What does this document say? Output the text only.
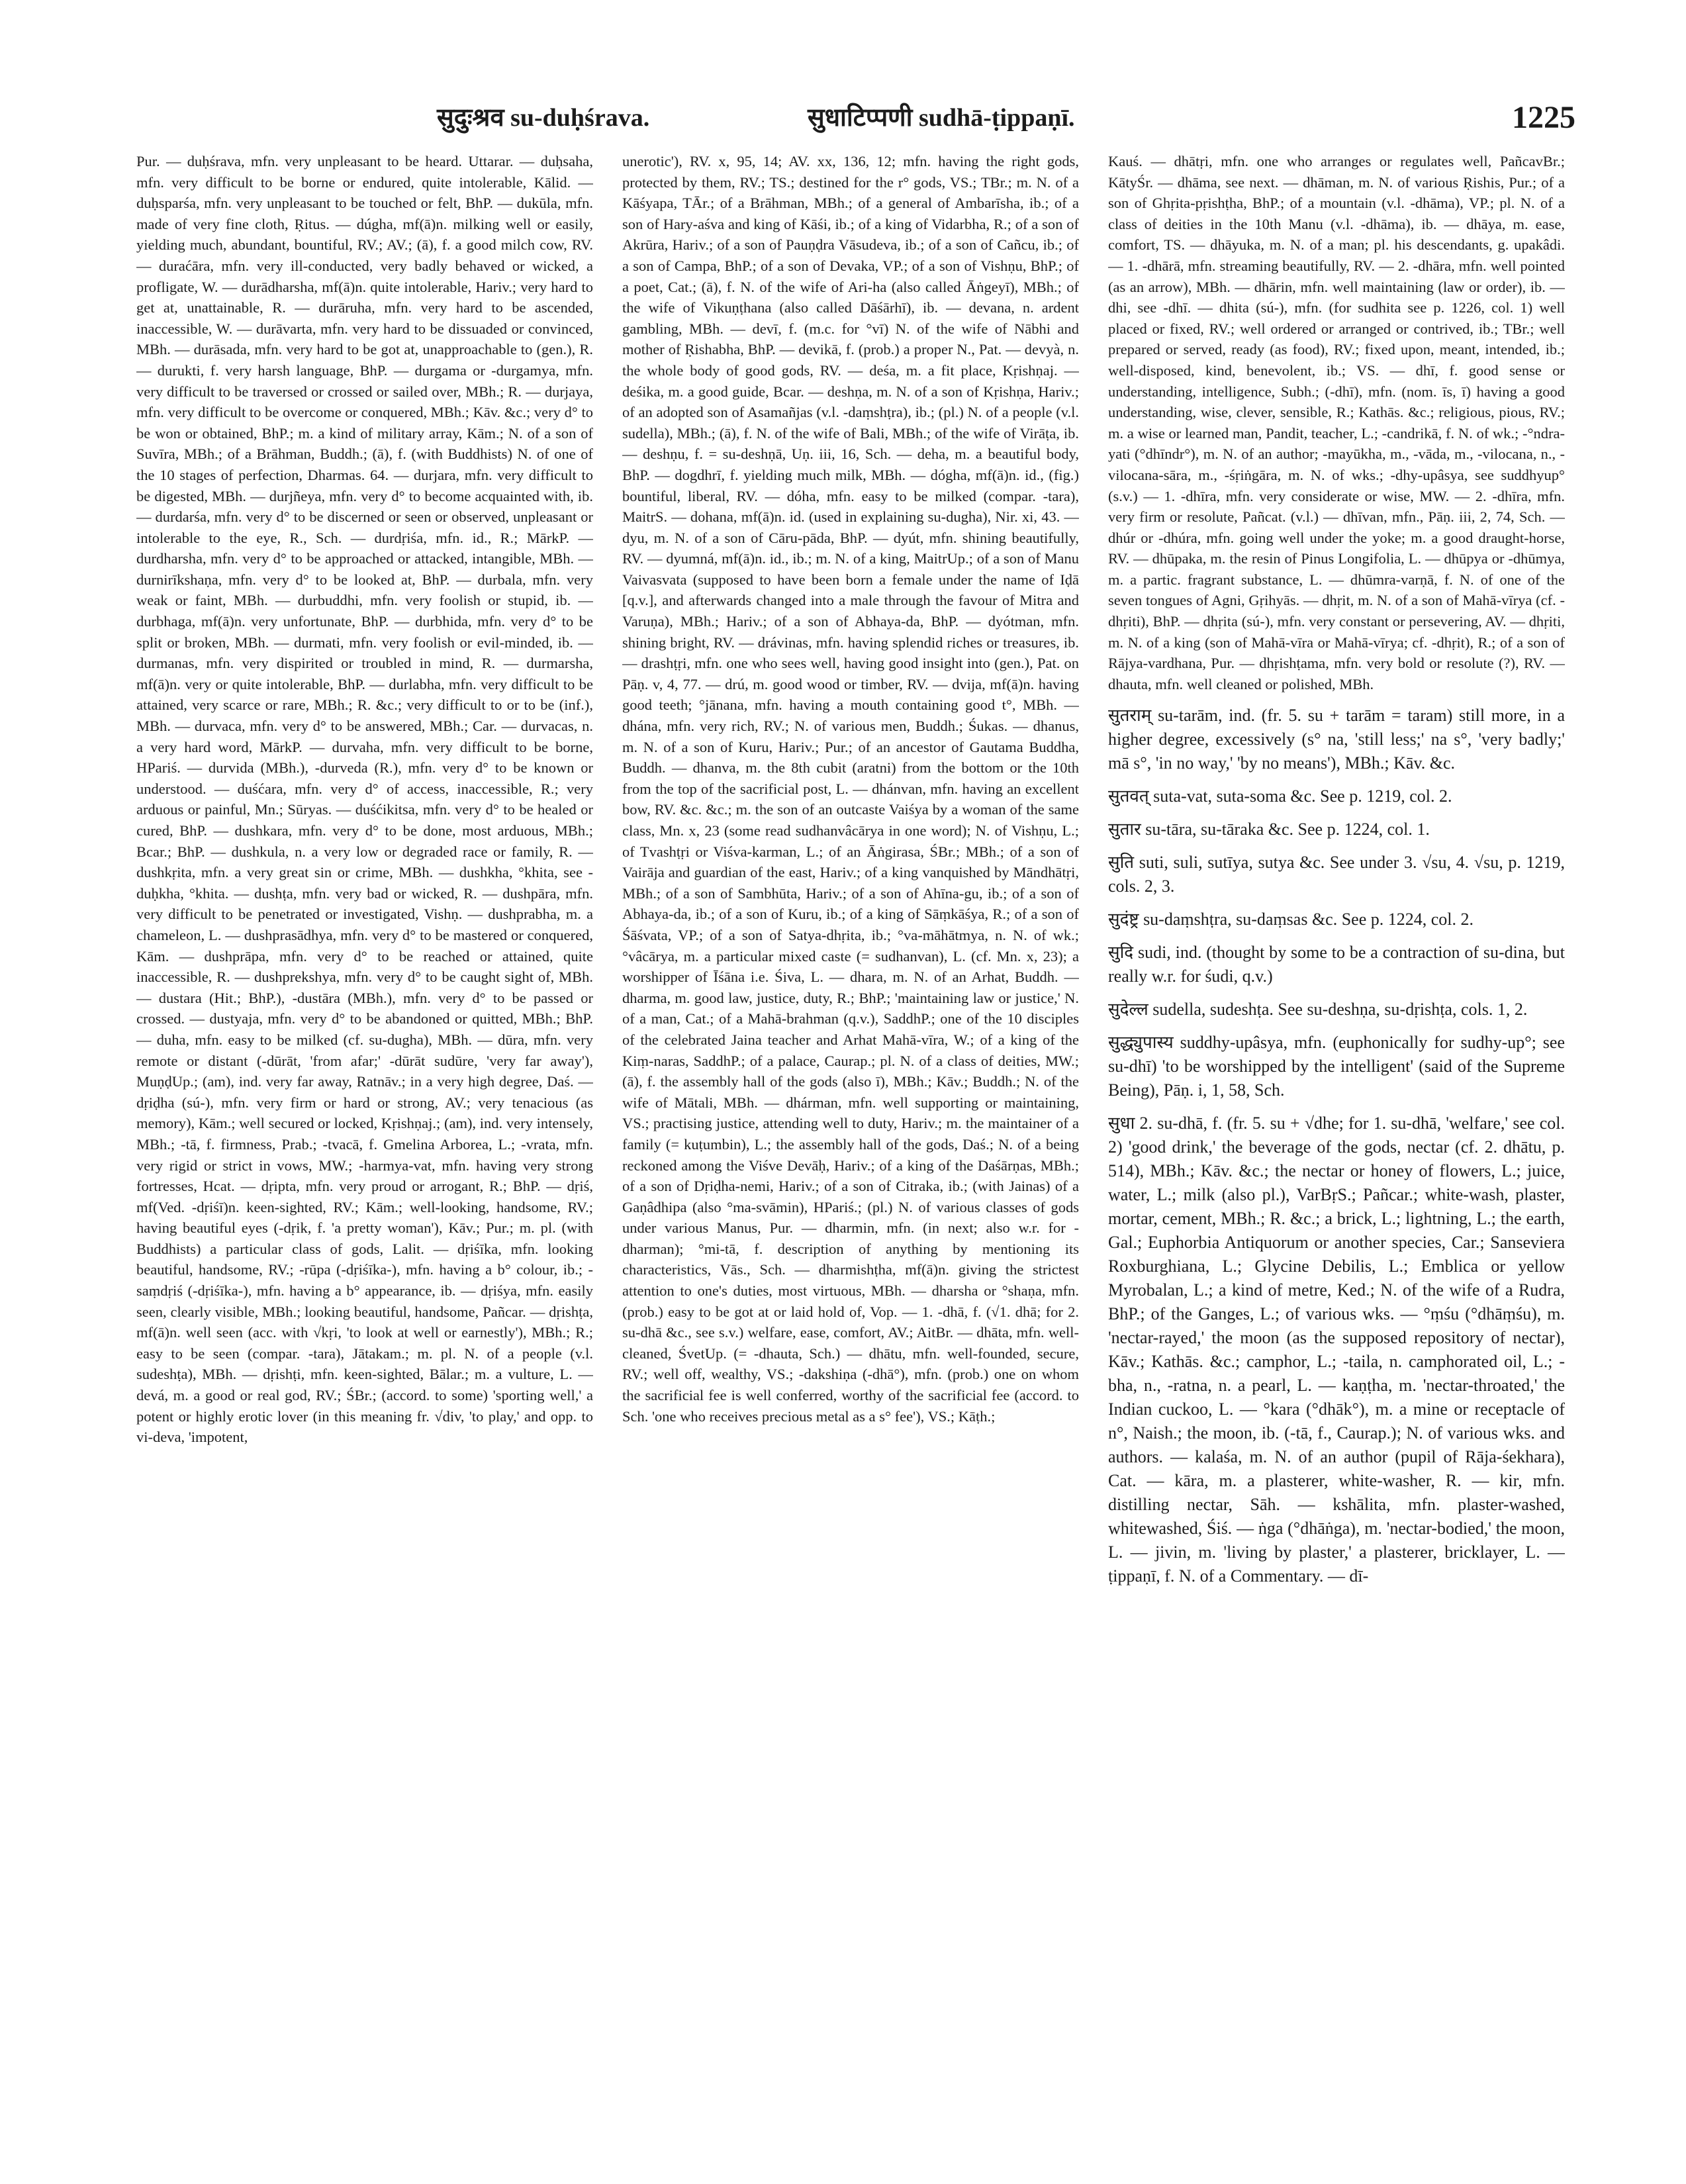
सुदुःश्रव su-duḥśrava.	सुधाटिप्पणी sudhā-ṭippaṇī.	1225

Pur. — duḥśrava, mfn. very unpleasant to be heard. Uttarar. — duḥsaha, mfn. very difficult to be borne or endured, quite intolerable, Kālid. — duḥsparśa, mfn. very unpleasant to be touched or felt, BhP. — dukūla, mfn. made of very fine cloth, Ṛitus. — dúgha, mf(ā)n. milking well or easily, yielding much, abundant, bountiful, RV.; AV.; (ā), f. a good milch cow, RV. — duraćāra, mfn. very ill-conducted, very badly behaved or wicked, a profligate, W. — durādharsha, mf(ā)n. quite intolerable, Hariv.; very hard to get at, unattainable, R. — durāruha, mfn. very hard to be ascended, inaccessible, W. — durāvarta, mfn. very hard to be dissuaded or convinced, MBh. — durāsada, mfn. very hard to be got at, unapproachable to (gen.), R. — durukti, f. very harsh language, BhP. — durgama or -durgamya, mfn. very difficult to be traversed or crossed or sailed over, MBh.; R. — durjaya, mfn. very difficult to be overcome or conquered, MBh.; Kāv. &c.; very d° to be won or obtained, BhP.; m. a kind of military array, Kām.; N. of a son of Suvīra, MBh.; of a Brāhman, Buddh.; (ā), f. (with Buddhists) N. of one of the 10 stages of perfection, Dharmas. 64. — durjara, mfn. very difficult to be digested, MBh. — durjñeya, mfn. very d° to become acquainted with, ib. — durdarśa, mfn. very d° to be discerned or seen or observed, unpleasant or intolerable to the eye, R., Sch. — durdṛiśa, mfn. id., R.; MārkP. — durdharsha, mfn. very d° to be approached or attacked, intangible, MBh. — durnirīkshaṇa, mfn. very d° to be looked at, BhP. — durbala, mfn. very weak or faint, MBh. — durbuddhi, mfn. very foolish or stupid, ib. — durbhaga, mf(ā)n. very unfortunate, BhP. — durbhida, mfn. very d° to be split or broken, MBh. — durmati, mfn. very foolish or evil-minded, ib. — durmanas, mfn. very dispirited or troubled in mind, R. — durmarsha, mf(ā)n. very or quite intolerable, BhP. — durlabha, mfn. very difficult to be attained, very scarce or rare, MBh.; R. &c.; very difficult to or to be (inf.), MBh. — durvaca, mfn. very d° to be answered, MBh.; Car. — durvacas, n. a very hard word, MārkP. — durvaha, mfn. very difficult to be borne, HPariś. — durvida (MBh.), -durveda (R.), mfn. very d° to be known or understood. — duśćara, mfn. very d° of access, inaccessible, R.; very arduous or painful, Mn.; Sūryas. — duśćikitsa, mfn. very d° to be healed or cured, BhP. — dushkara, mfn. very d° to be done, most arduous, MBh.; Bcar.; BhP. — dushkula, n. a very low or degraded race or family, R. — dushkṛita, mfn. a very great sin or crime, MBh. — dushkha, °khita, see -duḥkha, °khita. — dushṭa, mfn. very bad or wicked, R. — dushpāra, mfn. very difficult to be penetrated or investigated, Vishṇ. — dushprabha, m. a chameleon, L. — dushprasādhya, mfn. very d° to be mastered or conquered, Kām. — dushprāpa, mfn. very d° to be reached or attained, quite inaccessible, R. — dushprekshya, mfn. very d° to be caught sight of, MBh. — dustara (Hit.; BhP.), -dustāra (MBh.), mfn. very d° to be passed or crossed. — dustyaja, mfn. very d° to be abandoned or quitted, MBh.; BhP. — duha, mfn. easy to be milked (cf. su-dugha), MBh. — dūra, mfn. very remote or distant (-dūrāt, 'from afar;' -dūrāt sudūre, 'very far away'), MuṇḍUp.; (am), ind. very far away, Ratnāv.; in a very high degree, Daś. — dṛiḍha (sú-), mfn. very firm or hard or strong, AV.; very tenacious (as memory), Kām.; well secured or locked, Kṛishṇaj.; (am), ind. very intensely, MBh.; -tā, f. firmness, Prab.; -tvacā, f. Gmelina Arborea, L.; -vrata, mfn. very rigid or strict in vows, MW.; -harmya-vat, mfn. having very strong fortresses, Hcat. — dṛipta, mfn. very proud or arrogant, R.; BhP. — dṛiś, mf(Ved. -dṛiśī)n. keen-sighted, RV.; Kām.; well-looking, handsome, RV.; having beautiful eyes (-dṛik, f. 'a pretty woman'), Kāv.; Pur.; m. pl. (with Buddhists) a particular class of gods, Lalit. — dṛiśīka, mfn. looking beautiful, handsome, RV.; -rūpa (-dṛiśīka-), mfn. having a b° colour, ib.; -saṃdṛiś (-dṛiśīka-), mfn. having a b° appearance, ib. — dṛiśya, mfn. easily seen, clearly visible, MBh.; looking beautiful, handsome, Pañcar. — dṛishṭa, mf(ā)n. well seen (acc. with √kṛi, 'to look at well or earnestly'), MBh.; R.; easy to be seen (compar. -tara), Jātakam.; m. pl. N. of a people (v.l. sudeshṭa), MBh. — dṛishṭi, mfn. keen-sighted, Bālar.; m. a vulture, L. — devá, m. a good or real god, RV.; ŚBr.; (accord. to some) 'sporting well,' a potent or highly erotic lover (in this meaning fr. √div, 'to play,' and opp. to vi-deva, 'impotent,

unerotic'), RV. x, 95, 14; AV. xx, 136, 12; mfn. having the right gods, protected by them, RV.; TS.; destined for the r° gods, VS.; TBr.; m. N. of a Kāśyapa, TĀr.; of a Brāhman, MBh.; of a general of Ambarīsha, ib.; of a son of Hary-aśva and king of Kāśi, ib.; of a king of Vidarbha, R.; of a son of Akrūra, Hariv.; of a son of Pauṇḍra Vāsudeva, ib.; of a son of Cañcu, ib.; of a son of Campa, BhP.; of a son of Devaka, VP.; of a son of Vishṇu, BhP.; of a poet, Cat.; (ā), f. N. of the wife of Ari-ha (also called Āṅgeyī), MBh.; of the wife of Vikuṇṭhana (also called Dāśārhī), ib. — devana, n. ardent gambling, MBh. — devī, f. (m.c. for °vī) N. of the wife of Nābhi and mother of Ṛishabha, BhP. — devikā, f. (prob.) a proper N., Pat. — devyà, n. the whole body of good gods, RV. — deśa, m. a fit place, Kṛishṇaj. — deśika, m. a good guide, Bcar. — deshṇa, m. N. of a son of Kṛishṇa, Hariv.; of an adopted son of Asamañjas (v.l. -daṃshṭra), ib.; (pl.) N. of a people (v.l. sudella), MBh.; (ā), f. N. of the wife of Bali, MBh.; of the wife of Virāṭa, ib. — deshṇu, f. = su-deshṇā, Uṇ. iii, 16, Sch. — deha, m. a beautiful body, BhP. — dogdhrī, f. yielding much milk, MBh. — dógha, mf(ā)n. id., (fig.) bountiful, liberal, RV. — dóha, mfn. easy to be milked (compar. -tara), MaitrS. — dohana, mf(ā)n. id. (used in explaining su-dugha), Nir. xi, 43. — dyu, m. N. of a son of Cāru-pāda, BhP. — dyút, mfn. shining beautifully, RV. — dyumná, mf(ā)n. id., ib.; m. N. of a king, MaitrUp.; of a son of Manu Vaivasvata (supposed to have been born a female under the name of Iḍā [q.v.], and afterwards changed into a male through the favour of Mitra and Varuṇa), MBh.; Hariv.; of a son of Abhaya-da, BhP. — dyótman, mfn. shining bright, RV. — drávinas, mfn. having splendid riches or treasures, ib. — drashṭṛi, mfn. one who sees well, having good insight into (gen.), Pat. on Pāṇ. v, 4, 77. — drú, m. good wood or timber, RV. — dvija, mf(ā)n. having good teeth; °jānana, mfn. having a mouth containing good t°, MBh. — dhána, mfn. very rich, RV.; N. of various men, Buddh.; Śukas. — dhanus, m. N. of a son of Kuru, Hariv.; Pur.; of an ancestor of Gautama Buddha, Buddh. — dhanva, m. the 8th cubit (aratni) from the bottom or the 10th from the top of the sacrificial post, L. — dhánvan, mfn. having an excellent bow, RV. &c. &c.; m. the son of an outcaste Vaiśya by a woman of the same class, Mn. x, 23 (some read sudhanvâcārya in one word); N. of Vishṇu, L.; of Tvashṭṛi or Viśva-karman, L.; of an Āṅgirasa, ŚBr.; MBh.; of a son of Vairāja and guardian of the east, Hariv.; of a king vanquished by Māndhātṛi, MBh.; of a son of Sambhūta, Hariv.; of a son of Ahīna-gu, ib.; of a son of Abhaya-da, ib.; of a son of Kuru, ib.; of a king of Sāṃkāśya, R.; of a son of Śāśvata, VP.; of a son of Satya-dhṛita, ib.; °va-māhātmya, n. N. of wk.; °vâcārya, m. a particular mixed caste (= sudhanvan), L. (cf. Mn. x, 23); a worshipper of Īśāna i.e. Śiva, L. — dhara, m. N. of an Arhat, Buddh. — dharma, m. good law, justice, duty, R.; BhP.; 'maintaining law or justice,' N. of a man, Cat.; of a Mahā-brahman (q.v.), SaddhP.; one of the 10 disciples of the celebrated Jaina teacher and Arhat Mahā-vīra, W.; of a king of the Kiṃ-naras, SaddhP.; of a palace, Caurap.; pl. N. of a class of deities, MW.; (ā), f. the assembly hall of the gods (also ī), MBh.; Kāv.; Buddh.; N. of the wife of Mātali, MBh. — dhárman, mfn. well supporting or maintaining, VS.; practising justice, attending well to duty, Hariv.; m. the maintainer of a family (= kuṭumbin), L.; the assembly hall of the gods, Daś.; N. of a being reckoned among the Viśve Devāḥ, Hariv.; of a king of the Daśārṇas, MBh.; of a son of Dṛiḍha-nemi, Hariv.; of a son of Citraka, ib.; (with Jainas) of a Gaṇâdhipa (also °ma-svāmin), HPariś.; (pl.) N. of various classes of gods under various Manus, Pur. — dharmin, mfn. (in next; also w.r. for -dharman); °mi-tā, f. description of anything by mentioning its characteristics, Vās., Sch. — dharmishṭha, mf(ā)n. giving the strictest attention to one's duties, most virtuous, MBh. — dharsha or °shaṇa, mfn. (prob.) easy to be got at or laid hold of, Vop. — 1. -dhā, f. (√1. dhā; for 2. su-dhā &c., see s.v.) welfare, ease, comfort, AV.; AitBr. — dhāta, mfn. well-cleaned, ŚvetUp. (= -dhauta, Sch.) — dhātu, mfn. well-founded, secure, RV.; well off, wealthy, VS.; -dakshiṇa (-dhā°), mfn. (prob.) one on whom the sacrificial fee is well conferred, worthy of the sacrificial fee (accord. to Sch. 'one who receives precious metal as a s° fee'), VS.; Kāṭh.;

Kauś. — dhātṛi, mfn. one who arranges or regulates well, PañcavBr.; KātyŚr. — dhāma, see next. — dhāman, m. N. of various Ṛishis, Pur.; of a son of Ghṛita-pṛishṭha, BhP.; of a mountain (v.l. -dhāma), VP.; pl. N. of a class of deities in the 10th Manu (v.l. -dhāma), ib. — dhāya, m. ease, comfort, TS. — dhāyuka, m. N. of a man; pl. his descendants, g. upakâdi. — 1. -dhārā, mfn. streaming beautifully, RV. — 2. -dhāra, mfn. well pointed (as an arrow), MBh. — dhārin, mfn. well maintaining (law or order), ib. — dhi, see -dhī. — dhita (sú-), mfn. (for sudhita see p. 1226, col. 1) well placed or fixed, RV.; well ordered or arranged or contrived, ib.; TBr.; well prepared or served, ready (as food), RV.; fixed upon, meant, intended, ib.; well-disposed, kind, benevolent, ib.; VS. — dhī, f. good sense or understanding, intelligence, Subh.; (-dhī), mfn. (nom. īs, ī) having a good understanding, wise, clever, sensible, R.; Kathās. &c.; religious, pious, RV.; m. a wise or learned man, Pandit, teacher, L.; -candrikā, f. N. of wk.; -°ndra-yati (°dhīndr°), m. N. of an author; -mayūkha, m., -vāda, m., -vilocana, n., -vilocana-sāra, m., -śṛiṅgāra, m. N. of wks.; -dhy-upâsya, see suddhyup° (s.v.) — 1. -dhīra, mfn. very considerate or wise, MW. — 2. -dhīra, mfn. very firm or resolute, Pañcat. (v.l.) — dhīvan, mfn., Pāṇ. iii, 2, 74, Sch. — dhúr or -dhúra, mfn. going well under the yoke; m. a good draught-horse, RV. — dhūpaka, m. the resin of Pinus Longifolia, L. — dhūpya or -dhūmya, m. a partic. fragrant substance, L. — dhūmra-varṇā, f. N. of one of the seven tongues of Agni, Gṛihyās. — dhṛit, m. N. of a son of Mahā-vīrya (cf. -dhṛiti), BhP. — dhṛita (sú-), mfn. very constant or persevering, AV. — dhṛiti, m. N. of a king (son of Mahā-vīra or Mahā-vīrya; cf. -dhṛit), R.; of a son of Rājya-vardhana, Pur. — dhṛishṭama, mfn. very bold or resolute (?), RV. — dhauta, mfn. well cleaned or polished, MBh.

सुतराम् su-tarām, ind. (fr. 5. su + tarām = taram) still more, in a higher degree, excessively (s° na, 'still less;' na s°, 'very badly;' mā s°, 'in no way,' 'by no means'), MBh.; Kāv. &c.

सुतवत् suta-vat, suta-soma &c. See p. 1219, col. 2.

सुतार su-tāra, su-tāraka &c. See p. 1224, col. 1.

सुति suti, suli, sutīya, sutya &c. See under 3. √su, 4. √su, p. 1219, cols. 2, 3.

सुदंष्ट्र su-daṃshṭra, su-daṃsas &c. See p. 1224, col. 2.

सुदि sudi, ind. (thought by some to be a contraction of su-dina, but really w.r. for śudi, q.v.)

सुदेल्ल sudella, sudeshṭa. See su-deshṇa, su-dṛishṭa, cols. 1, 2.

सुद्ध्युपास्य suddhy-upâsya, mfn. (euphonically for sudhy-up°; see su-dhī) 'to be worshipped by the intelligent' (said of the Supreme Being), Pāṇ. i, 1, 58, Sch.

सुधा 2. su-dhā, f. (fr. 5. su + √dhe; for 1. su-dhā, 'welfare,' see col. 2) 'good drink,' the beverage of the gods, nectar (cf. 2. dhātu, p. 514), MBh.; Kāv. &c.; the nectar or honey of flowers, L.; juice, water, L.; milk (also pl.), VarBṛS.; Pañcar.; white-wash, plaster, mortar, cement, MBh.; R. &c.; a brick, L.; lightning, L.; the earth, Gal.; Euphorbia Antiquorum or another species, Car.; Sanseviera Roxburghiana, L.; Glycine Debilis, L.; Emblica or yellow Myrobalan, L.; a kind of metre, Ked.; N. of the wife of a Rudra, BhP.; of the Ganges, L.; of various wks. — °ṃśu (°dhāṃśu), m. 'nectar-rayed,' the moon (as the supposed repository of nectar), Kāv.; Kathās. &c.; camphor, L.; -taila, n. camphorated oil, L.; -bha, n., -ratna, n. a pearl, L. — kaṇṭha, m. 'nectar-throated,' the Indian cuckoo, L. — °kara (°dhāk°), m. a mine or receptacle of n°, Naish.; the moon, ib. (-tā, f., Caurap.); N. of various wks. and authors. — kalaśa, m. N. of an author (pupil of Rāja-śekhara), Cat. — kāra, m. a plasterer, white-washer, R. — kir, mfn. distilling nectar, Sāh. — kshālita, mfn. plaster-washed, whitewashed, Śiś. — ṅga (°dhāṅga), m. 'nectar-bodied,' the moon, L. — jivin, m. 'living by plaster,' a plasterer, bricklayer, L. — ṭippaṇī, f. N. of a Commentary. — dī-
